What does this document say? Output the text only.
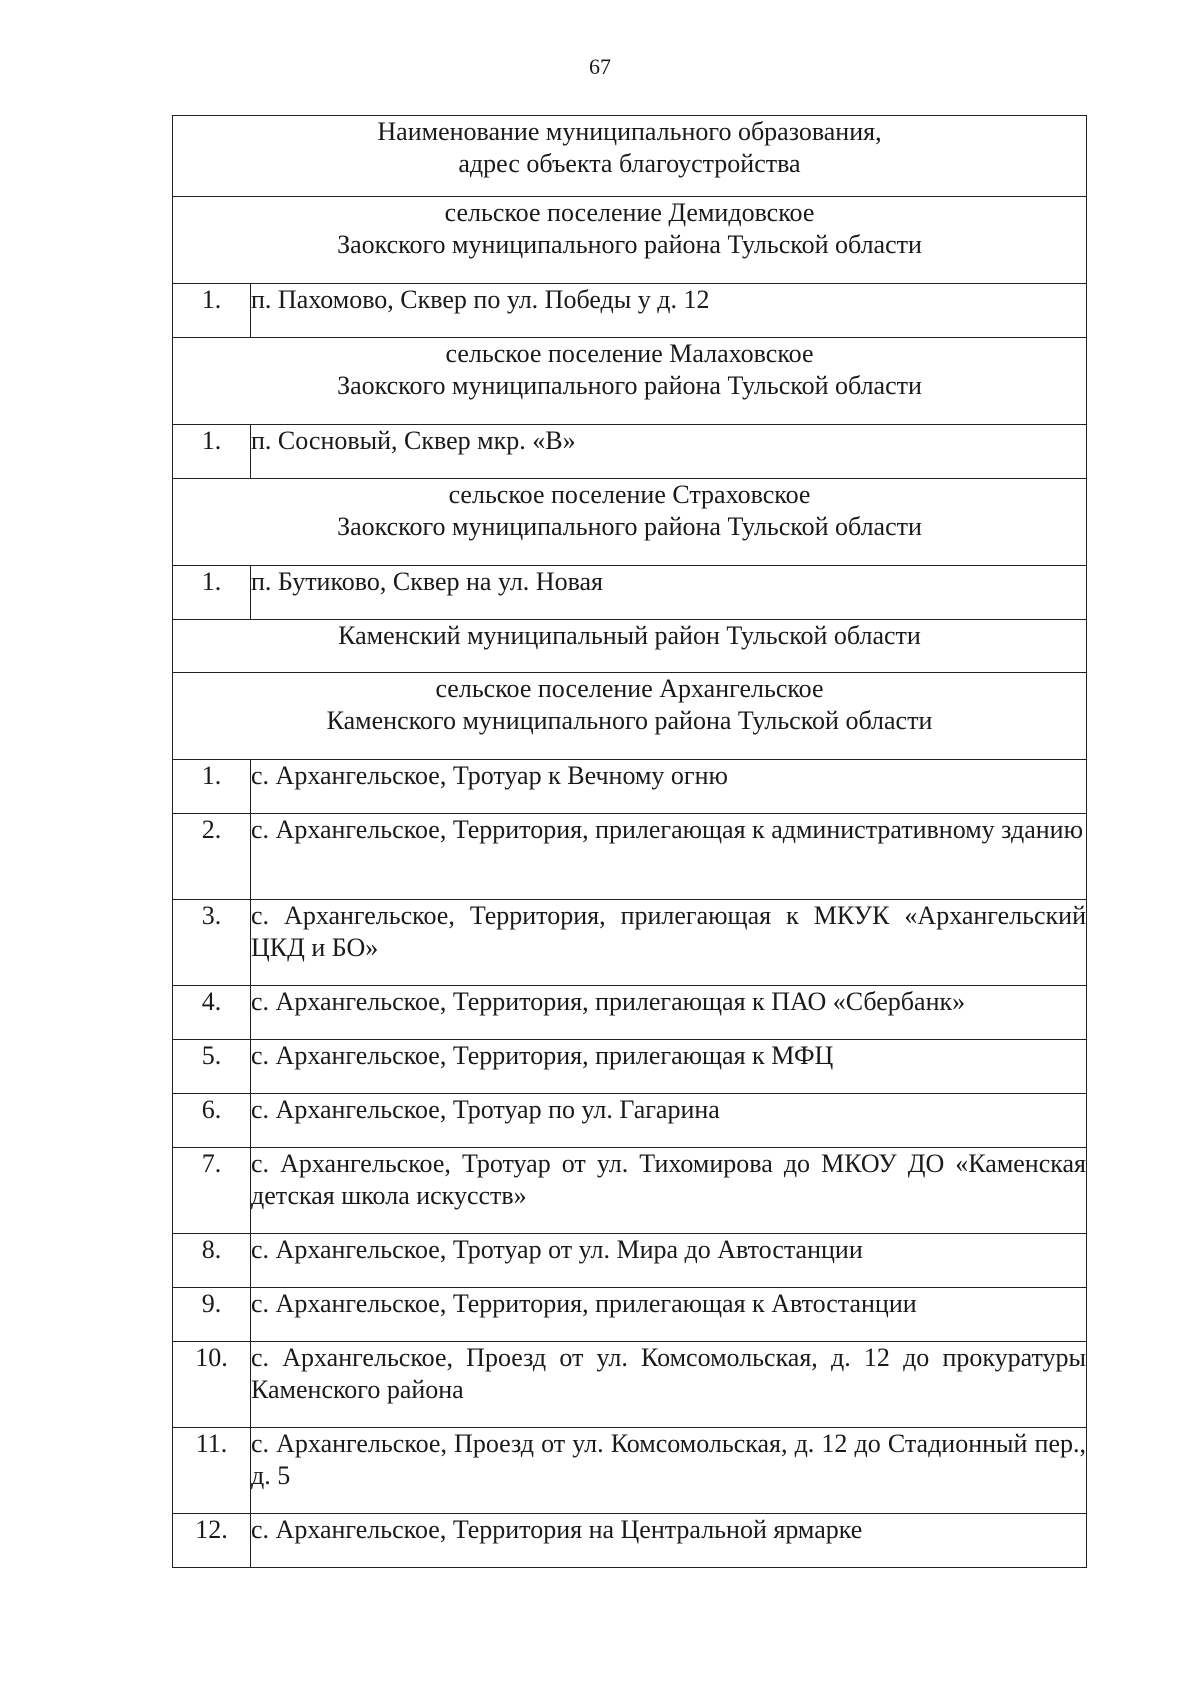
67
Наименование муниципального образования,
адрес объекта благоустройства	

сельское поселение Демидовское
Заокского муниципального района Тульской области	

1.	п. Пахомово, Сквер по ул. Победы у д. 12

сельское поселение Малаховское
Заокского муниципального района Тульской области	

1.	п. Сосновый, Сквер мкр. «В»

сельское поселение Страховское
Заокского муниципального района Тульской области	

1.	п. Бутиково, Сквер на ул. Новая

Каменский муниципальный район Тульской области	

сельское поселение Архангельское
Каменского муниципального района Тульской области	

1.	с. Архангельское, Тротуар к Вечному огню
2.	с. Архангельское, Территория, прилегающая к административному зданию
3.	с. Архангельское, Территория, прилегающая к МКУК «Архангельский ЦКД и БО»
4.	с. Архангельское, Территория, прилегающая к ПАО «Сбербанк»
5.	с. Архангельское, Территория, прилегающая к МФЦ
6.	с. Архангельское, Тротуар по ул. Гагарина
7.	с. Архангельское, Тротуар от ул. Тихомирова до МКОУ ДО «Каменская детская школа искусств»
8.	с. Архангельское, Тротуар от ул. Мира до Автостанции
9.	с. Архангельское, Территория, прилегающая к Автостанции
10.	с. Архангельское, Проезд от ул. Комсомольская, д. 12 до прокуратуры Каменского района
11.	с. Архангельское, Проезд от ул. Комсомольская, д. 12 до Стадионный пер., д. 5
12.	с. Архангельское, Территория на Центральной ярмарке
